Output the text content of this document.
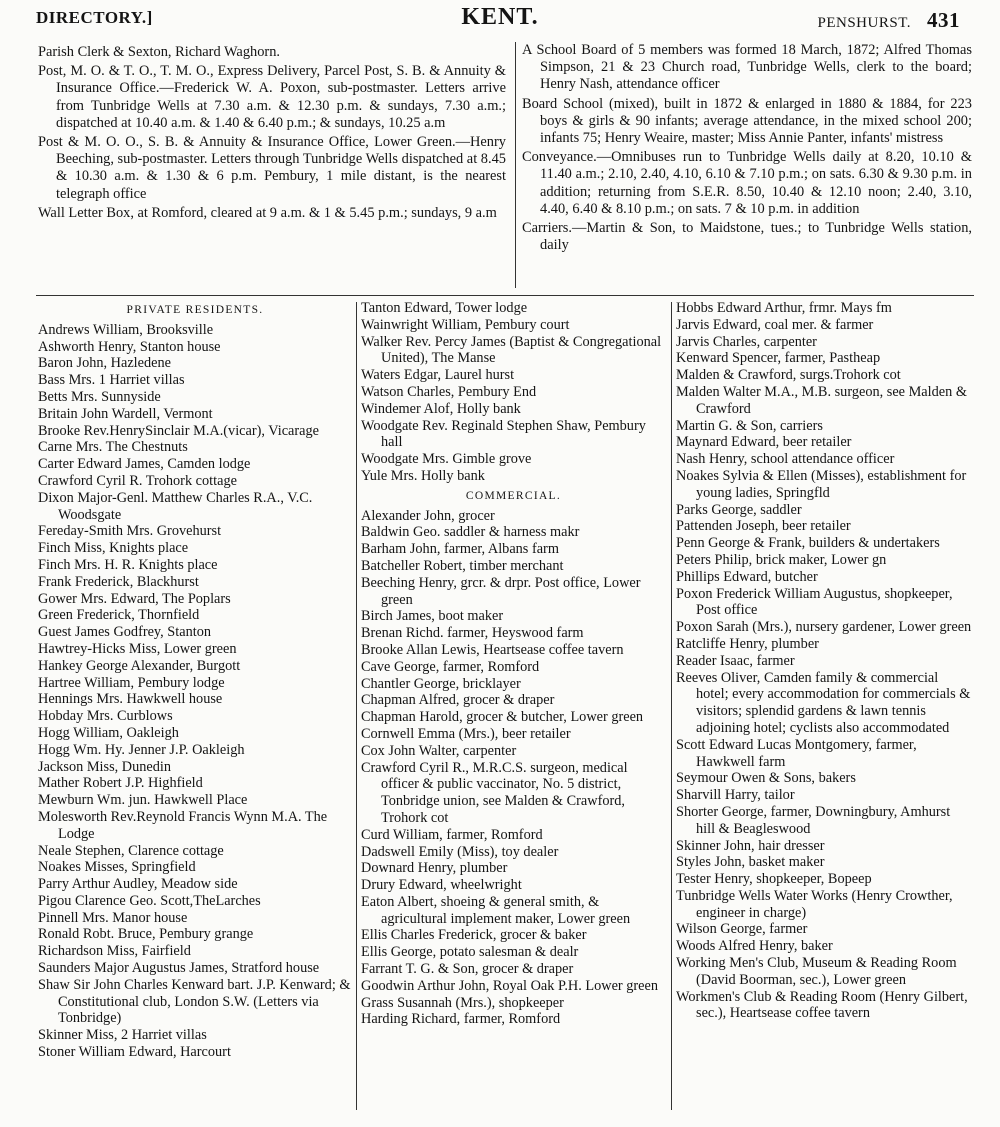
DIRECTORY.]	KENT.	PENSHURST. 431

Parish Clerk & Sexton, Richard Waghorn.

Post, M. O. & T. O., T. M. O., Express Delivery, Parcel Post, S. B. & Annuity & Insurance Office.—Frederick W. A. Poxon, sub-postmaster. Letters arrive from Tunbridge Wells at 7.30 a.m. & 12.30 p.m. & sundays, 7.30 a.m.; dispatched at 10.40 a.m. & 1.40 & 6.40 p.m.; & sundays, 10.25 a.m

Post & M. O. O., S. B. & Annuity & Insurance Office, Lower Green.—Henry Beeching, sub-postmaster. Letters through Tunbridge Wells dispatched at 8.45 & 10.30 a.m. & 1.30 & 6 p.m. Pembury, 1 mile distant, is the nearest telegraph office

Wall Letter Box, at Romford, cleared at 9 a.m. & 1 & 5.45 p.m.; sundays, 9 a.m

A School Board of 5 members was formed 18 March, 1872; Alfred Thomas Simpson, 21 & 23 Church road, Tunbridge Wells, clerk to the board; Henry Nash, attendance officer

Board School (mixed), built in 1872 & enlarged in 1880 & 1884, for 223 boys & girls & 90 infants; average attendance, in the mixed school 200; infants 75; Henry Weaire, master; Miss Annie Panter, infants' mistress

Conveyance.—Omnibuses run to Tunbridge Wells daily at 8.20, 10.10 & 11.40 a.m.; 2.10, 2.40, 4.10, 6.10 & 7.10 p.m.; on sats. 6.30 & 9.30 p.m. in addition; returning from S.E.R. 8.50, 10.40 & 12.10 noon; 2.40, 3.10, 4.40, 6.40 & 8.10 p.m.; on sats. 7 & 10 p.m. in addition

Carriers.—Martin & Son, to Maidstone, tues.; to Tunbridge Wells station, daily

PRIVATE RESIDENTS.
Andrews William, Brooksville
Ashworth Henry, Stanton house
Baron John, Hazledene
Bass Mrs. 1 Harriet villas
Betts Mrs. Sunnyside
Britain John Wardell, Vermont
Brooke Rev.HenrySinclair M.A.(vicar), Vicarage
Carne Mrs. The Chestnuts
Carter Edward James, Camden lodge
Crawford Cyril R. Trohork cottage
Dixon Major-Genl. Matthew Charles R.A., V.C. Woodsgate
Fereday-Smith Mrs. Grovehurst
Finch Miss, Knights place
Finch Mrs. H. R. Knights place
Frank Frederick, Blackhurst
Gower Mrs. Edward, The Poplars
Green Frederick, Thornfield
Guest James Godfrey, Stanton
Hawtrey-Hicks Miss, Lower green
Hankey George Alexander, Burgott
Hartree William, Pembury lodge
Hennings Mrs. Hawkwell house
Hobday Mrs. Curblows
Hogg William, Oakleigh
Hogg Wm. Hy. Jenner J.P. Oakleigh
Jackson Miss, Dunedin
Mather Robert J.P. Highfield
Mewburn Wm. jun. Hawkwell Place
Molesworth Rev.Reynold Francis Wynn M.A. The Lodge
Neale Stephen, Clarence cottage
Noakes Misses, Springfield
Parry Arthur Audley, Meadow side
Pigou Clarence Geo. Scott,TheLarches
Pinnell Mrs. Manor house
Ronald Robt. Bruce, Pembury grange
Richardson Miss, Fairfield
Saunders Major Augustus James, Stratford house
Shaw Sir John Charles Kenward bart. J.P. Kenward; & Constitutional club, London S.W. (Letters via Tonbridge)
Skinner Miss, 2 Harriet villas
Stoner William Edward, Harcourt
Tanton Edward, Tower lodge
Wainwright William, Pembury court
Walker Rev. Percy James (Baptist & Congregational United), The Manse
Waters Edgar, Laurel hurst
Watson Charles, Pembury End
Windemer Alof, Holly bank
Woodgate Rev. Reginald Stephen Shaw, Pembury hall
Woodgate Mrs. Gimble grove
Yule Mrs. Holly bank
COMMERCIAL.
Alexander John, grocer
Baldwin Geo. saddler & harness makr
Barham John, farmer, Albans farm
Batcheller Robert, timber merchant
Beeching Henry, grcr. & drpr. Post office, Lower green
Birch James, boot maker
Brenan Richd. farmer, Heyswood farm
Brooke Allan Lewis, Heartsease coffee tavern
Cave George, farmer, Romford
Chantler George, bricklayer
Chapman Alfred, grocer & draper
Chapman Harold, grocer & butcher, Lower green
Cornwell Emma (Mrs.), beer retailer
Cox John Walter, carpenter
Crawford Cyril R., M.R.C.S. surgeon, medical officer & public vaccinator, No. 5 district, Tonbridge union, see Malden & Crawford, Trohork cot
Curd William, farmer, Romford
Dadswell Emily (Miss), toy dealer
Downard Henry, plumber
Drury Edward, wheelwright
Eaton Albert, shoeing & general smith, & agricultural implement maker, Lower green
Ellis Charles Frederick, grocer & baker
Ellis George, potato salesman & dealr
Farrant T. G. & Son, grocer & draper
Goodwin Arthur John, Royal Oak P.H. Lower green
Grass Susannah (Mrs.), shopkeeper
Harding Richard, farmer, Romford
Hobbs Edward Arthur, frmr. Mays fm
Jarvis Edward, coal mer. & farmer
Jarvis Charles, carpenter
Kenward Spencer, farmer, Pastheap
Malden & Crawford, surgs.Trohork cot
Malden Walter M.A., M.B. surgeon, see Malden & Crawford
Martin G. & Son, carriers
Maynard Edward, beer retailer
Nash Henry, school attendance officer
Noakes Sylvia & Ellen (Misses), establishment for young ladies, Springfld
Parks George, saddler
Pattenden Joseph, beer retailer
Penn George & Frank, builders & undertakers
Peters Philip, brick maker, Lower gn
Phillips Edward, butcher
Poxon Frederick William Augustus, shopkeeper, Post office
Poxon Sarah (Mrs.), nursery gardener, Lower green
Ratcliffe Henry, plumber
Reader Isaac, farmer
Reeves Oliver, Camden family & commercial hotel; every accommodation for commercials & visitors; splendid gardens & lawn tennis adjoining hotel; cyclists also accommodated
Scott Edward Lucas Montgomery, farmer, Hawkwell farm
Seymour Owen & Sons, bakers
Sharvill Harry, tailor
Shorter George, farmer, Downingbury, Amhurst hill & Beagleswood
Skinner John, hair dresser
Styles John, basket maker
Tester Henry, shopkeeper, Bopeep
Tunbridge Wells Water Works (Henry Crowther, engineer in charge)
Wilson George, farmer
Woods Alfred Henry, baker
Working Men's Club, Museum & Reading Room (David Boorman, sec.), Lower green
Workmen's Club & Reading Room (Henry Gilbert, sec.), Heartsease coffee tavern
